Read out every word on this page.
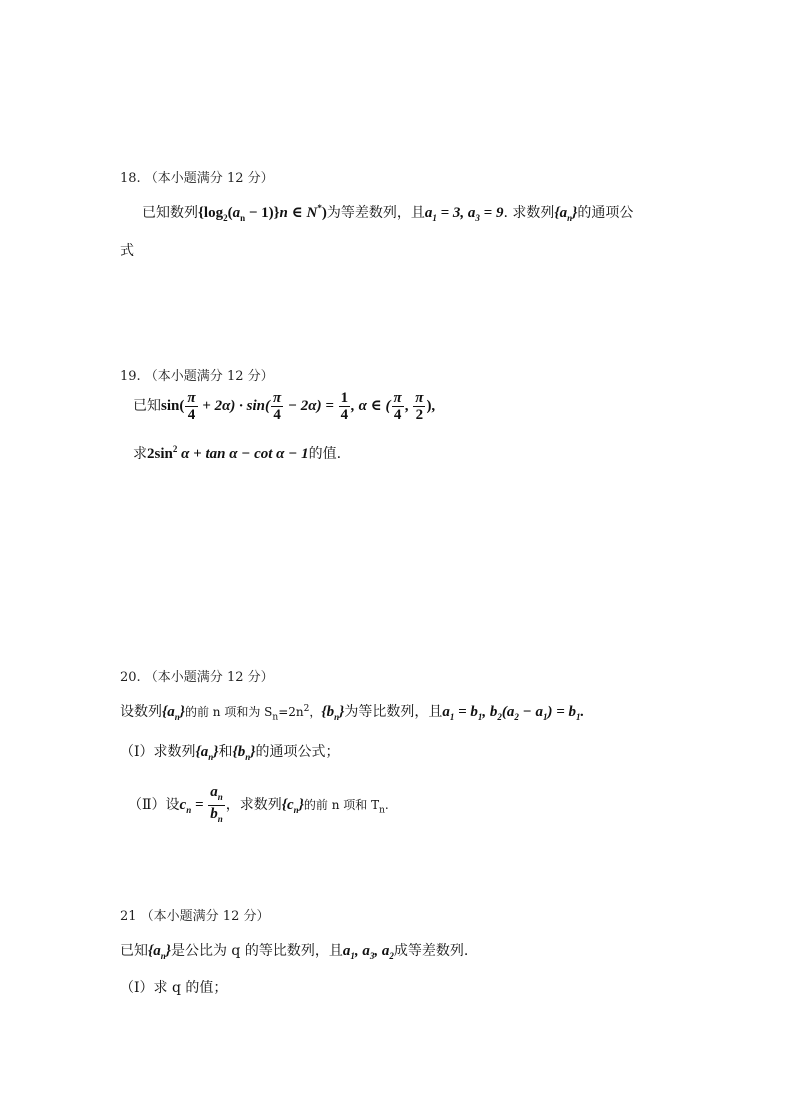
18. （本小题满分 12 分）
已知数列$\{\log_2(a_n - 1)\}n$ ∈ N*)为等差数列，且$a_1 = 3$, $a_3 = 9$. 求数列$\{a_n\}$的通项公
式
19. （本小题满分 12 分）
已知$\sin( \frac{\pi}{4} + 2\alpha) \cdot \sin( \frac{\pi}{4} - 2\alpha) = \frac{1}{4}$ , α ∈ ( $\frac{\pi}{4}$ , $\frac{\pi}{2}$ ),
求$2\sin^2$ α + tan α − cot α − 1的值.
20. （本小题满分 12 分）
设数列$\{a_n\}$的前 n 项和为 $S_n=2n^2$，$\{b_n\}$为等比数列，且$a_1 = b_1$, $b_2(a_2 - a_1) = b_1$.
（Ⅰ）求数列$\{a_n\}$和$\{b_n\}$的通项公式；
（Ⅱ）设$c_n = \frac{a_n}{b_n}$ ，求数列$\{c_n\}$的前 n 项和 $T_n$.
21 （本小题满分 12 分）
已知$\{a_n\}$是公比为 q 的等比数列，且$a_1$, $a_3$, $a_2$成等差数列.
（Ⅰ）求 q 的值；
